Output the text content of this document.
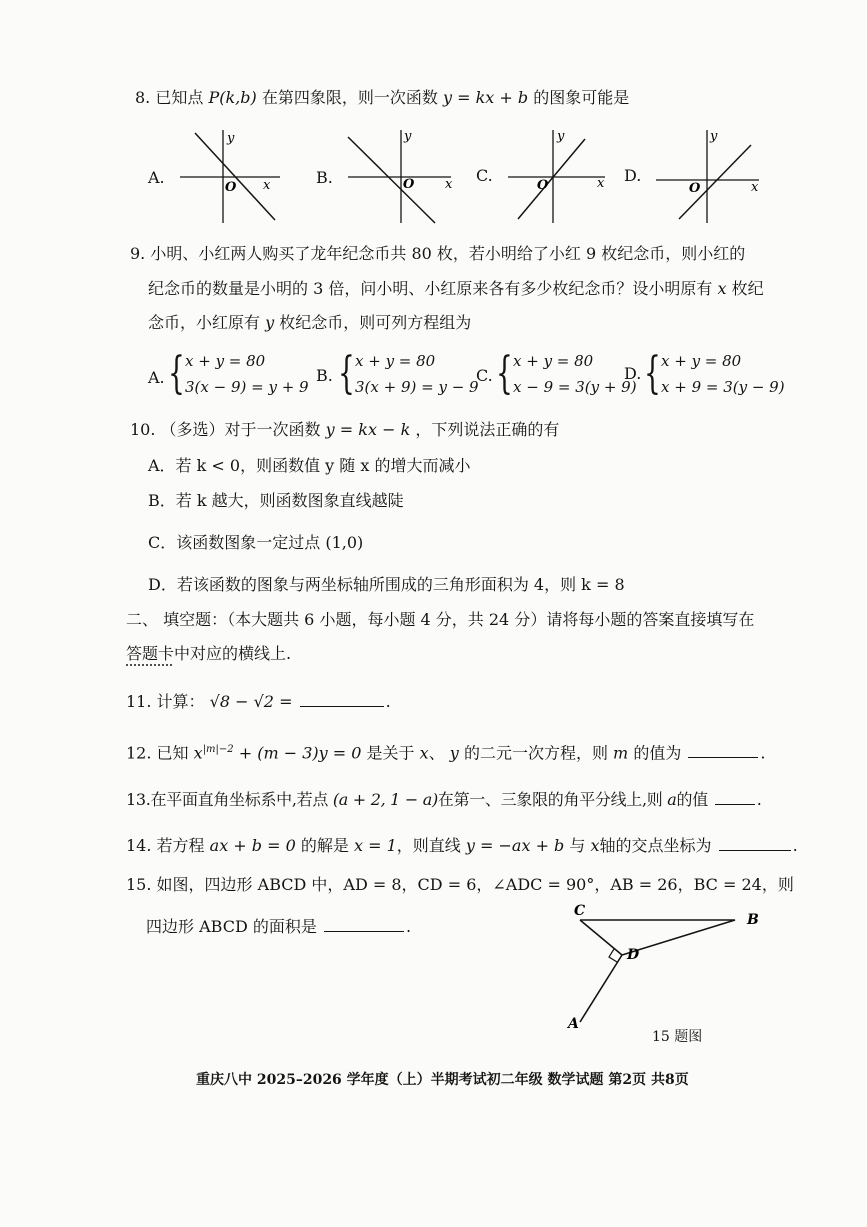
8. 已知点 P(k,b) 在第四象限，则一次函数 y = kx + b 的图象可能是
A.
y
x
O
B.
y
x
O	C.
y
x
O
D.
y
x
O
9. 小明、小红两人购买了龙年纪念币共 80 枚，若小明给了小红 9 枚纪念币，则小红的
纪念币的数量是小明的 3 倍，问小明、小红原来各有多少枚纪念币？设小明原有 x 枚纪
念币，小红原有 y 枚纪念币，则可列方程组为
A. { x + y = 80
3(x − 9) = y + 9
B. { x + y = 80
3(x + 9) = y − 9
C. { x + y = 80
x − 9 = 3(y + 9)
D. { x + y = 80
x + 9 = 3(y − 9)
10. （多选）对于一次函数 y = kx − k ，下列说法正确的有
A．若 k < 0，则函数值 y 随 x 的增大而减小
B．若 k 越大，则函数图象直线越陡
C．该函数图象一定过点 (1,0)
D．若该函数的图象与两坐标轴所围成的三角形面积为 4，则 k = 8
二、 填空题：（本大题共 6 小题，每小题 4 分，共 24 分）请将每小题的答案直接填写在
答题卡中对应的横线上.
11. 计算： √8 − √2 =	.
12. 已知 $x^{|m|-2} + (m - 3)y = 0$ 是关于 x、 y 的二元一次方程，则 m 的值为	.
13.在平面直角坐标系中,若点 (a + 2, 1 − a)在第一、三象限的角平分线上,则 a的值	.
14. 若方程 ax + b = 0 的解是 x = 1，则直线 y = −ax + b 与 x轴的交点坐标为	.
15. 如图，四边形 ABCD 中，AD = 8，CD = 6，∠ADC = 90°，AB = 26，BC = 24，则
四边形 ABCD 的面积是	.
C
B
D
A
15 题图
重庆八中 2025–2026 学年度（上）半期考试初二年级 数学试题 第2页 共8页
